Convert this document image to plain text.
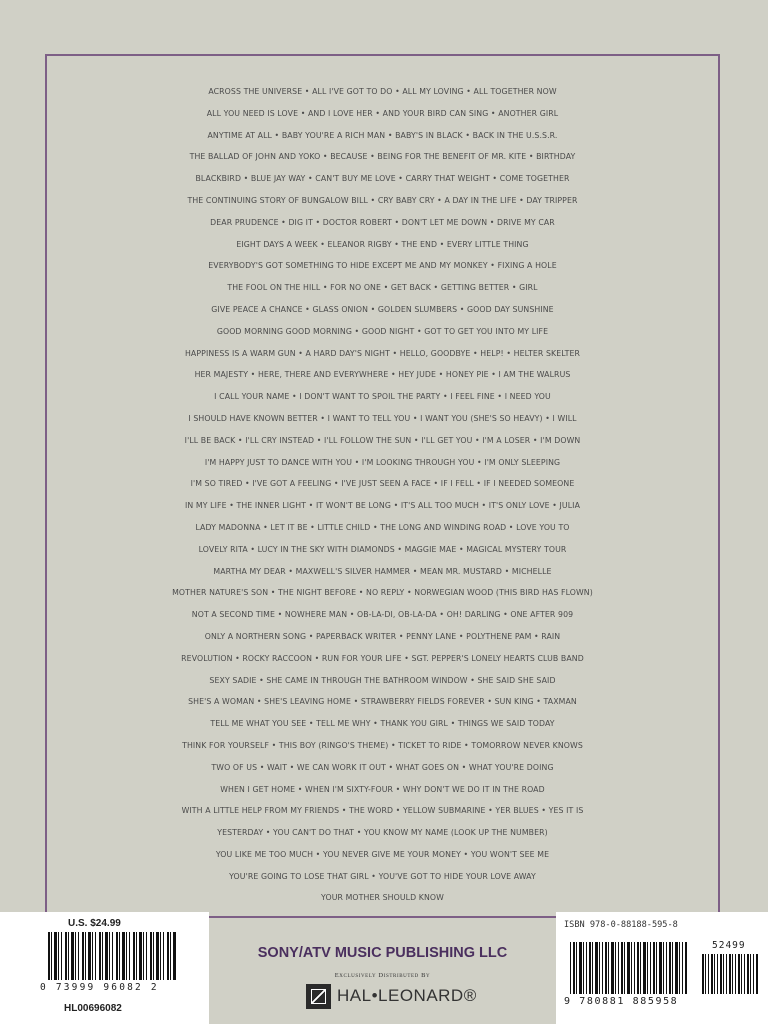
ACROSS THE UNIVERSE • ALL I'VE GOT TO DO • ALL MY LOVING • ALL TOGETHER NOW
ALL YOU NEED IS LOVE • AND I LOVE HER • AND YOUR BIRD CAN SING • ANOTHER GIRL
ANYTIME AT ALL • BABY YOU'RE A RICH MAN • BABY'S IN BLACK • BACK IN THE U.S.S.R.
THE BALLAD OF JOHN AND YOKO • BECAUSE • BEING FOR THE BENEFIT OF MR. KITE • BIRTHDAY
BLACKBIRD • BLUE JAY WAY • CAN'T BUY ME LOVE • CARRY THAT WEIGHT • COME TOGETHER
THE CONTINUING STORY OF BUNGALOW BILL • CRY BABY CRY • A DAY IN THE LIFE • DAY TRIPPER
DEAR PRUDENCE • DIG IT • DOCTOR ROBERT • DON'T LET ME DOWN • DRIVE MY CAR
EIGHT DAYS A WEEK • ELEANOR RIGBY • THE END • EVERY LITTLE THING
EVERYBODY'S GOT SOMETHING TO HIDE EXCEPT ME AND MY MONKEY • FIXING A HOLE
THE FOOL ON THE HILL • FOR NO ONE • GET BACK • GETTING BETTER • GIRL
GIVE PEACE A CHANCE • GLASS ONION • GOLDEN SLUMBERS • GOOD DAY SUNSHINE
GOOD MORNING GOOD MORNING • GOOD NIGHT • GOT TO GET YOU INTO MY LIFE
HAPPINESS IS A WARM GUN • A HARD DAY'S NIGHT • HELLO, GOODBYE • HELP! • HELTER SKELTER
HER MAJESTY • HERE, THERE AND EVERYWHERE • HEY JUDE • HONEY PIE • I AM THE WALRUS
I CALL YOUR NAME • I DON'T WANT TO SPOIL THE PARTY • I FEEL FINE • I NEED YOU
I SHOULD HAVE KNOWN BETTER • I WANT TO TELL YOU • I WANT YOU (SHE'S SO HEAVY) • I WILL
I'LL BE BACK • I'LL CRY INSTEAD • I'LL FOLLOW THE SUN • I'LL GET YOU • I'M A LOSER • I'M DOWN
I'M HAPPY JUST TO DANCE WITH YOU • I'M LOOKING THROUGH YOU • I'M ONLY SLEEPING
I'M SO TIRED • I'VE GOT A FEELING • I'VE JUST SEEN A FACE • IF I FELL • IF I NEEDED SOMEONE
IN MY LIFE • THE INNER LIGHT • IT WON'T BE LONG • IT'S ALL TOO MUCH • IT'S ONLY LOVE • JULIA
LADY MADONNA • LET IT BE • LITTLE CHILD • THE LONG AND WINDING ROAD • LOVE YOU TO
LOVELY RITA • LUCY IN THE SKY WITH DIAMONDS • MAGGIE MAE • MAGICAL MYSTERY TOUR
MARTHA MY DEAR • MAXWELL'S SILVER HAMMER • MEAN MR. MUSTARD • MICHELLE
MOTHER NATURE'S SON • THE NIGHT BEFORE • NO REPLY • NORWEGIAN WOOD (THIS BIRD HAS FLOWN)
NOT A SECOND TIME • NOWHERE MAN • OB-LA-DI, OB-LA-DA • OH! DARLING • ONE AFTER 909
ONLY A NORTHERN SONG • PAPERBACK WRITER • PENNY LANE • POLYTHENE PAM • RAIN
REVOLUTION • ROCKY RACCOON • RUN FOR YOUR LIFE • SGT. PEPPER'S LONELY HEARTS CLUB BAND
SEXY SADIE • SHE CAME IN THROUGH THE BATHROOM WINDOW • SHE SAID SHE SAID
SHE'S A WOMAN • SHE'S LEAVING HOME • STRAWBERRY FIELDS FOREVER • SUN KING • TAXMAN
TELL ME WHAT YOU SEE • TELL ME WHY • THANK YOU GIRL • THINGS WE SAID TODAY
THINK FOR YOURSELF • THIS BOY (RINGO'S THEME) • TICKET TO RIDE • TOMORROW NEVER KNOWS
TWO OF US • WAIT • WE CAN WORK IT OUT • WHAT GOES ON • WHAT YOU'RE DOING
WHEN I GET HOME • WHEN I'M SIXTY-FOUR • WHY DON'T WE DO IT IN THE ROAD
WITH A LITTLE HELP FROM MY FRIENDS • THE WORD • YELLOW SUBMARINE • YER BLUES • YES IT IS
YESTERDAY • YOU CAN'T DO THAT • YOU KNOW MY NAME (LOOK UP THE NUMBER)
YOU LIKE ME TOO MUCH • YOU NEVER GIVE ME YOUR MONEY • YOU WON'T SEE ME
YOU'RE GOING TO LOSE THAT GIRL • YOU'VE GOT TO HIDE YOUR LOVE AWAY
YOUR MOTHER SHOULD KNOW
U.S. $24.99
0 73999 96082 2
HL00696082
ISBN 978-0-88188-595-8
52499
9 780881 885958
SONY/ATV MUSIC PUBLISHING LLC
Exclusively Distributed By
HAL•LEONARD®
